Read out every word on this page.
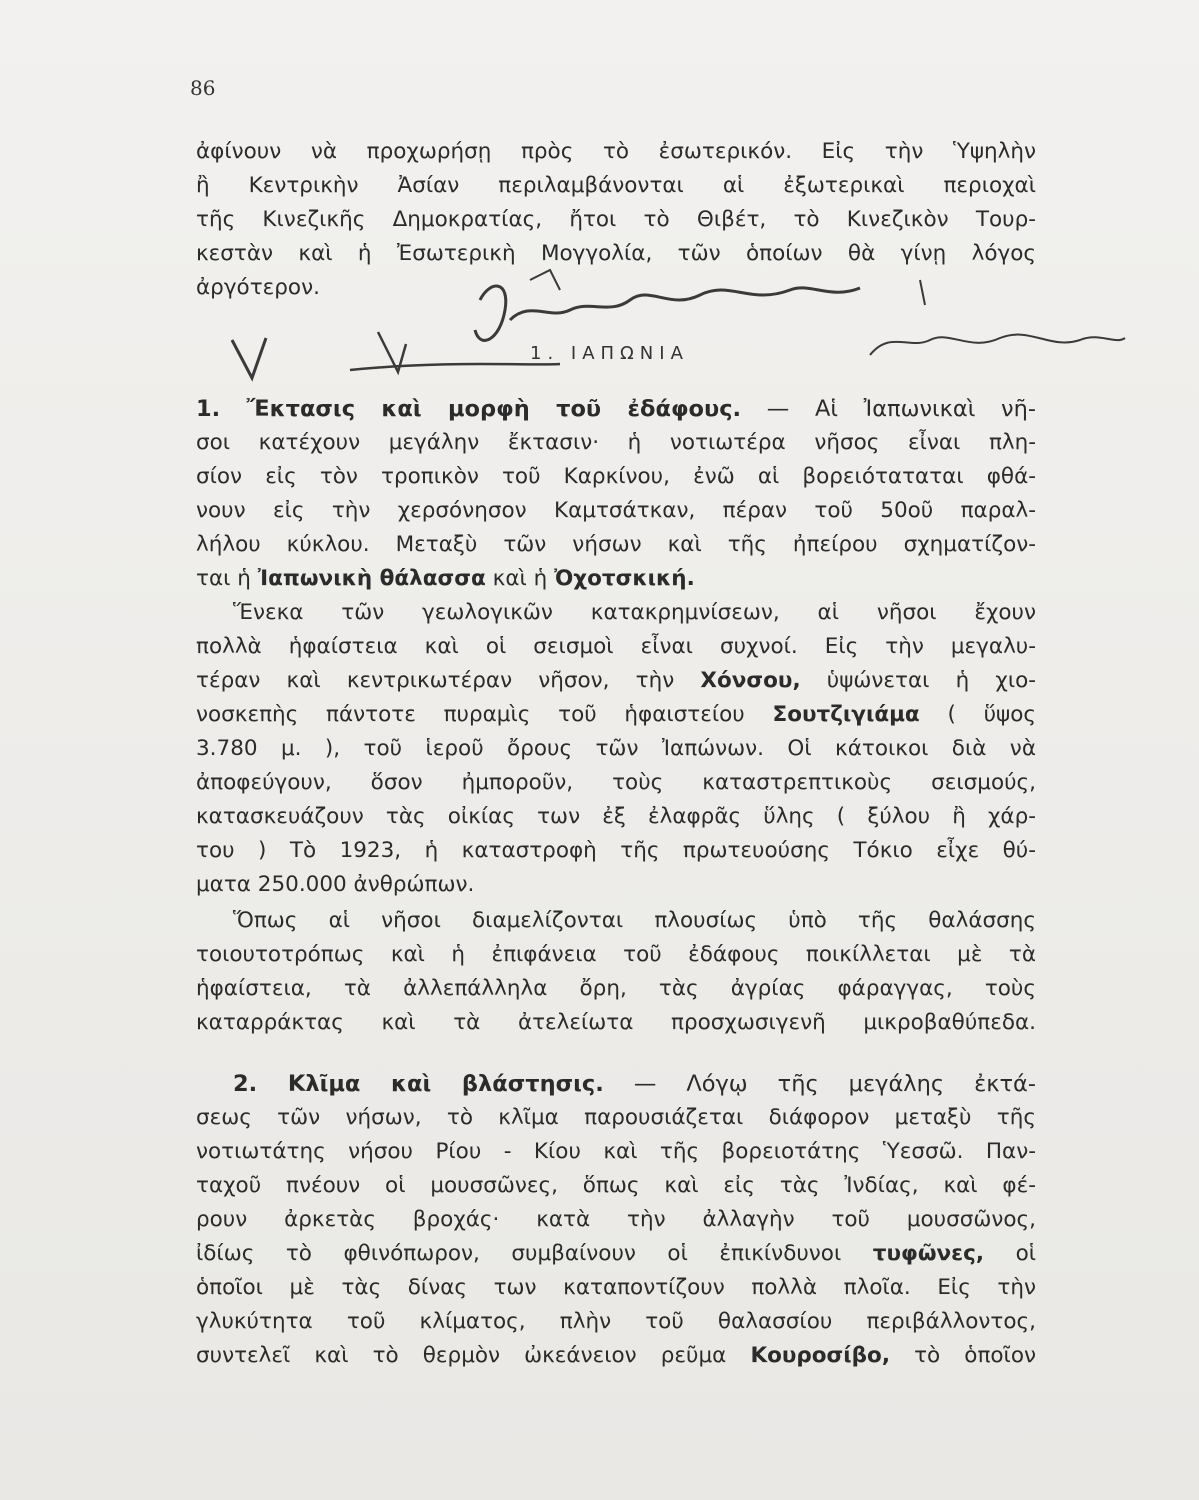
86
ἀφίνουν νὰ προχωρήσῃ πρὸς τὸ ἐσωτερικόν. Εἰς τὴν Ὑψηλὴν
ἢ Κεντρικὴν Ἀσίαν περιλαμβάνονται αἱ ἐξωτερικαὶ περιοχαὶ
τῆς Κινεζικῆς Δημοκρατίας, ἤτοι τὸ Θιβέτ, τὸ Κινεζικὸν Τουρ-
κεστὰν καὶ ἡ Ἐσωτερικὴ Μογγολία, τῶν ὁποίων θὰ γίνῃ λόγος
ἀργότερον.
1. ΙΑΠΩΝΙΑ
1. Ἔκτασις καὶ μορφὴ τοῦ ἐδάφους. — Αἱ Ἰαπωνικαὶ νῆ-
σοι κατέχουν μεγάλην ἔκτασιν· ἡ νοτιωτέρα νῆσος εἶναι πλη-
σίον εἰς τὸν τροπικὸν τοῦ Καρκίνου, ἐνῶ αἱ βορειόταταται φθά-
νουν εἰς τὴν χερσόνησον Καμτσάτκαν, πέραν τοῦ 50οῦ παραλ-
λήλου κύκλου. Μεταξὺ τῶν νήσων καὶ τῆς ἠπείρου σχηματίζον-
ται ἡ Ἰαπωνικὴ θάλασσα καὶ ἡ Ὀχοτσκική.
Ἕνεκα τῶν γεωλογικῶν κατακρημνίσεων, αἱ νῆσοι ἔχουν
πολλὰ ἡφαίστεια καὶ οἱ σεισμοὶ εἶναι συχνοί. Εἰς τὴν μεγαλυ-
τέραν καὶ κεντρικωτέραν νῆσον, τὴν Χόνσου, ὑψώνεται ἡ χιο-
νοσκεπὴς πάντοτε πυραμὶς τοῦ ἡφαιστείου Σουτζιγιάμα ( ὕψος
3.780 μ. ), τοῦ ἱεροῦ ὄρους τῶν Ἰαπώνων. Οἱ κάτοικοι διὰ νὰ
ἀποφεύγουν, ὅσον ἠμποροῦν, τοὺς καταστρεπτικοὺς σεισμούς,
κατασκευάζουν τὰς οἰκίας των ἐξ ἐλαφρᾶς ὕλης ( ξύλου ἢ χάρ-
του ) Τὸ 1923, ἡ καταστροφὴ τῆς πρωτευούσης Τόκιο εἶχε θύ-
ματα 250.000 ἀνθρώπων.
Ὅπως αἱ νῆσοι διαμελίζονται πλουσίως ὑπὸ τῆς θαλάσσης
τοιουτοτρόπως καὶ ἡ ἐπιφάνεια τοῦ ἐδάφους ποικίλλεται μὲ τὰ
ἡφαίστεια, τὰ ἀλλεπάλληλα ὄρη, τὰς ἀγρίας φάραγγας, τοὺς
καταρράκτας καὶ τὰ ἀτελείωτα προσχωσιγενῆ μικροβαθύπεδα.
2. Κλῖμα καὶ βλάστησις. — Λόγῳ τῆς μεγάλης ἐκτά-
σεως τῶν νήσων, τὸ κλῖμα παρουσιάζεται διάφορον μεταξὺ τῆς
νοτιωτάτης νήσου Ρίου - Κίου καὶ τῆς βορειοτάτης Ὑεσσῶ. Παν-
ταχοῦ πνέουν οἱ μουσσῶνες, ὅπως καὶ εἰς τὰς Ἰνδίας, καὶ φέ-
ρουν ἀρκετὰς βροχάς· κατὰ τὴν ἀλλαγὴν τοῦ μουσσῶνος,
ἰδίως τὸ φθινόπωρον, συμβαίνουν οἱ ἐπικίνδυνοι τυφῶνες, οἱ
ὁποῖοι μὲ τὰς δίνας των καταποντίζουν πολλὰ πλοῖα. Εἰς τὴν
γλυκύτητα τοῦ κλίματος, πλὴν τοῦ θαλασσίου περιβάλλοντος,
συντελεῖ καὶ τὸ θερμὸν ὠκεάνειον ρεῦμα Κουροσίβο, τὸ ὁποῖον
